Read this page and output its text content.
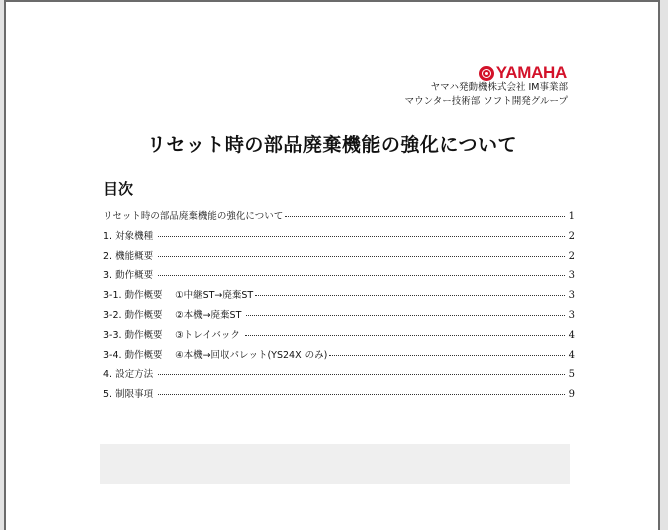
YAMAHA
ヤマハ発動機株式会社 IM事業部
マウンター技術部 ソフト開発グループ
リセット時の部品廃棄機能の強化について
目次
リセット時の部品廃棄機能の強化について	1
1. 対象機種	2
2. 機能概要	2
3. 動作概要	3
3-1. 動作概要　 ①中継ST→廃棄ST	3
3-2. 動作概要　 ②本機→廃棄ST	3
3-3. 動作概要　 ③トレイバック	4
3-4. 動作概要　 ④本機→回収パレット(YS24X のみ)	4
4. 設定方法	5
5. 制限事項	9
